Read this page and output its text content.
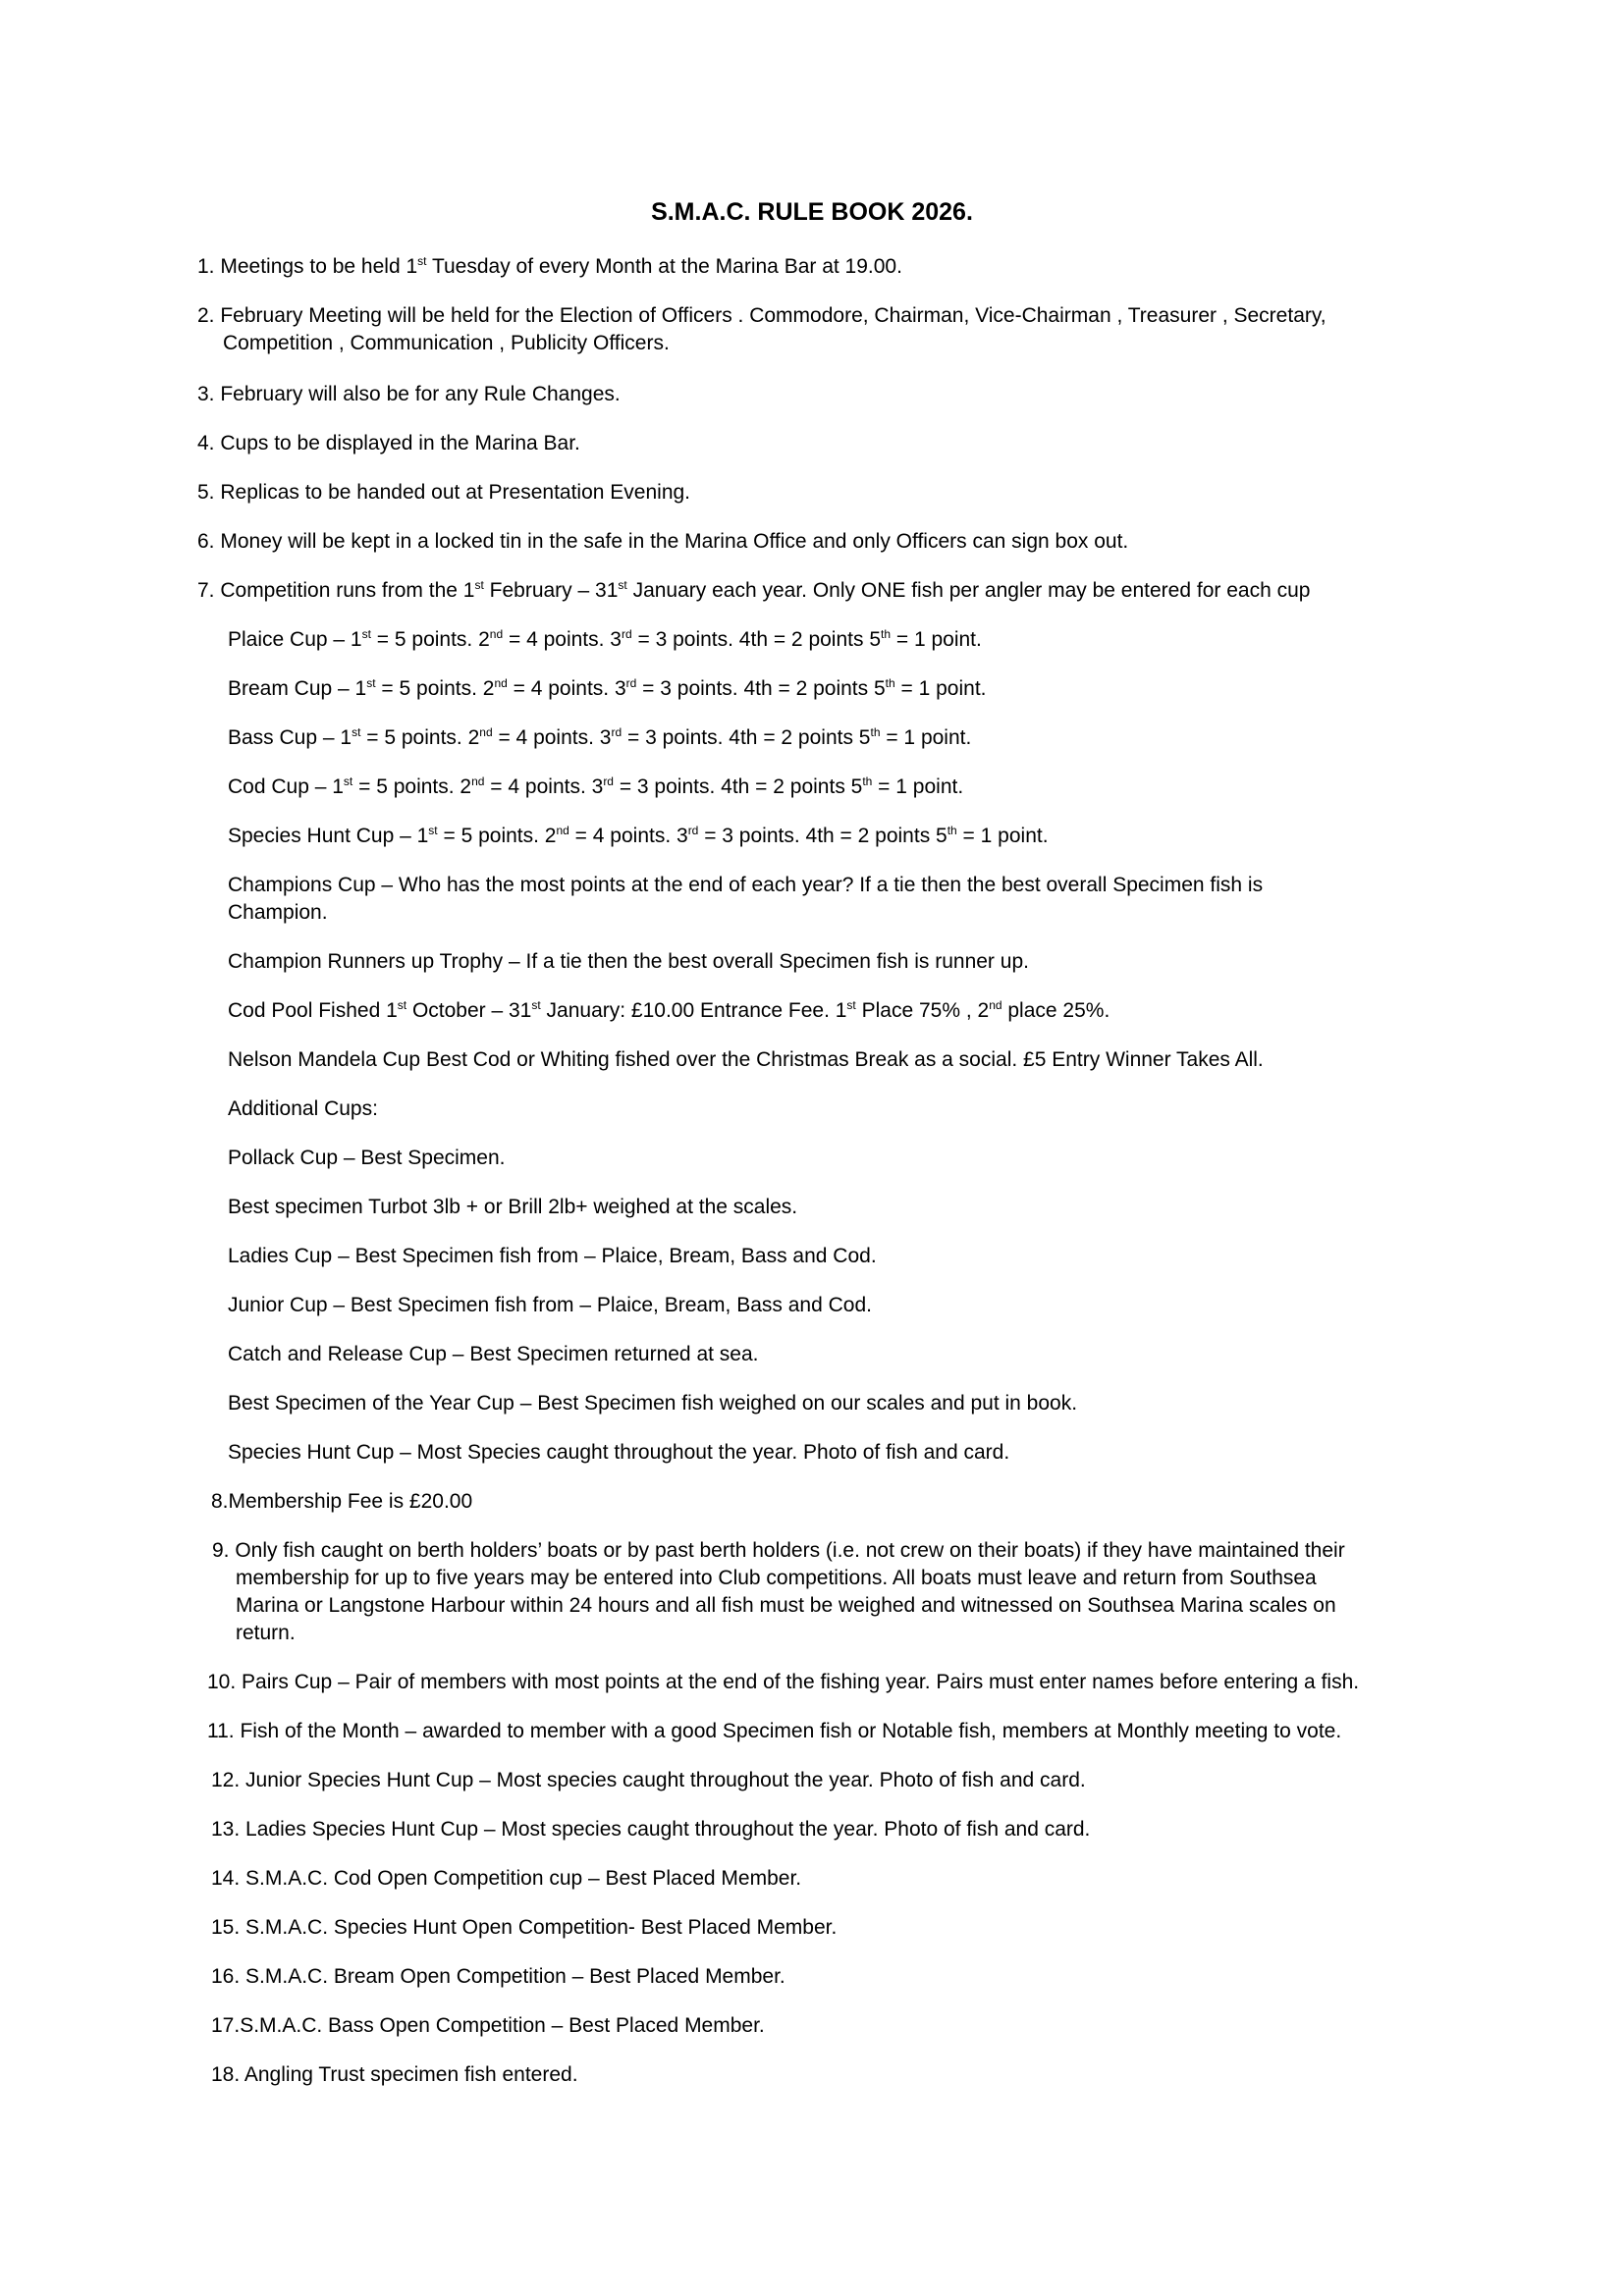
S.M.A.C. RULE BOOK 2026.
1. Meetings to be held 1st Tuesday of every Month at the Marina Bar at 19.00.
2. February Meeting will be held for the Election of Officers . Commodore, Chairman, Vice-Chairman , Treasurer , Secretary,
Competition , Communication , Publicity Officers.
3. February will also be for any Rule Changes.
4. Cups to be displayed in the Marina Bar.
5. Replicas to be handed out at Presentation Evening.
6. Money will be kept in a locked tin in the safe in the Marina Office and only Officers can sign box out.
7. Competition runs from the 1st February – 31st January each year. Only ONE fish per angler may be entered for each cup
Plaice Cup – 1st = 5 points. 2nd = 4 points. 3rd = 3 points. 4th = 2 points 5th = 1 point.
Bream Cup – 1st = 5 points. 2nd = 4 points. 3rd = 3 points. 4th = 2 points 5th = 1 point.
Bass Cup – 1st = 5 points. 2nd = 4 points. 3rd = 3 points. 4th = 2 points 5th = 1 point.
Cod Cup – 1st = 5 points. 2nd = 4 points. 3rd = 3 points. 4th = 2 points 5th = 1 point.
Species Hunt Cup – 1st = 5 points. 2nd = 4 points. 3rd = 3 points. 4th = 2 points 5th = 1 point.
Champions Cup – Who has the most points at the end of each year? If a tie then the best overall Specimen fish is
Champion.
Champion Runners up Trophy – If a tie then the best overall Specimen fish is runner up.
Cod Pool Fished 1st October – 31st January: £10.00 Entrance Fee. 1st Place 75% , 2nd place 25%.
Nelson Mandela Cup Best Cod or Whiting fished over the Christmas Break as a social. £5 Entry Winner Takes All.
Additional Cups:
Pollack Cup – Best Specimen.
Best specimen Turbot 3lb + or Brill 2lb+ weighed at the scales.
Ladies Cup – Best Specimen fish from – Plaice, Bream, Bass and Cod.
Junior Cup – Best Specimen fish from – Plaice, Bream, Bass and Cod.
Catch and Release Cup – Best Specimen returned at sea.
Best Specimen of the Year Cup – Best Specimen fish weighed on our scales and put in book.
Species Hunt Cup – Most Species caught throughout the year. Photo of fish and card.
8.Membership Fee is £20.00
9. Only fish caught on berth holders’ boats or by past berth holders (i.e. not crew on their boats) if they have maintained their
membership for up to five years may be entered into Club competitions. All boats must leave and return from Southsea
Marina or Langstone Harbour within 24 hours and all fish must be weighed and witnessed on Southsea Marina scales on
return.
10. Pairs Cup – Pair of members with most points at the end of the fishing year. Pairs must enter names before entering a fish.
11. Fish of the Month – awarded to member with a good Specimen fish or Notable fish, members at Monthly meeting to vote.
12. Junior Species Hunt Cup – Most species caught throughout the year. Photo of fish and card.
13. Ladies Species Hunt Cup – Most species caught throughout the year. Photo of fish and card.
14. S.M.A.C. Cod Open Competition cup – Best Placed Member.
15. S.M.A.C. Species Hunt Open Competition- Best Placed Member.
16. S.M.A.C. Bream Open Competition – Best Placed Member.
17.S.M.A.C. Bass Open Competition – Best Placed Member.
18. Angling Trust specimen fish entered.
